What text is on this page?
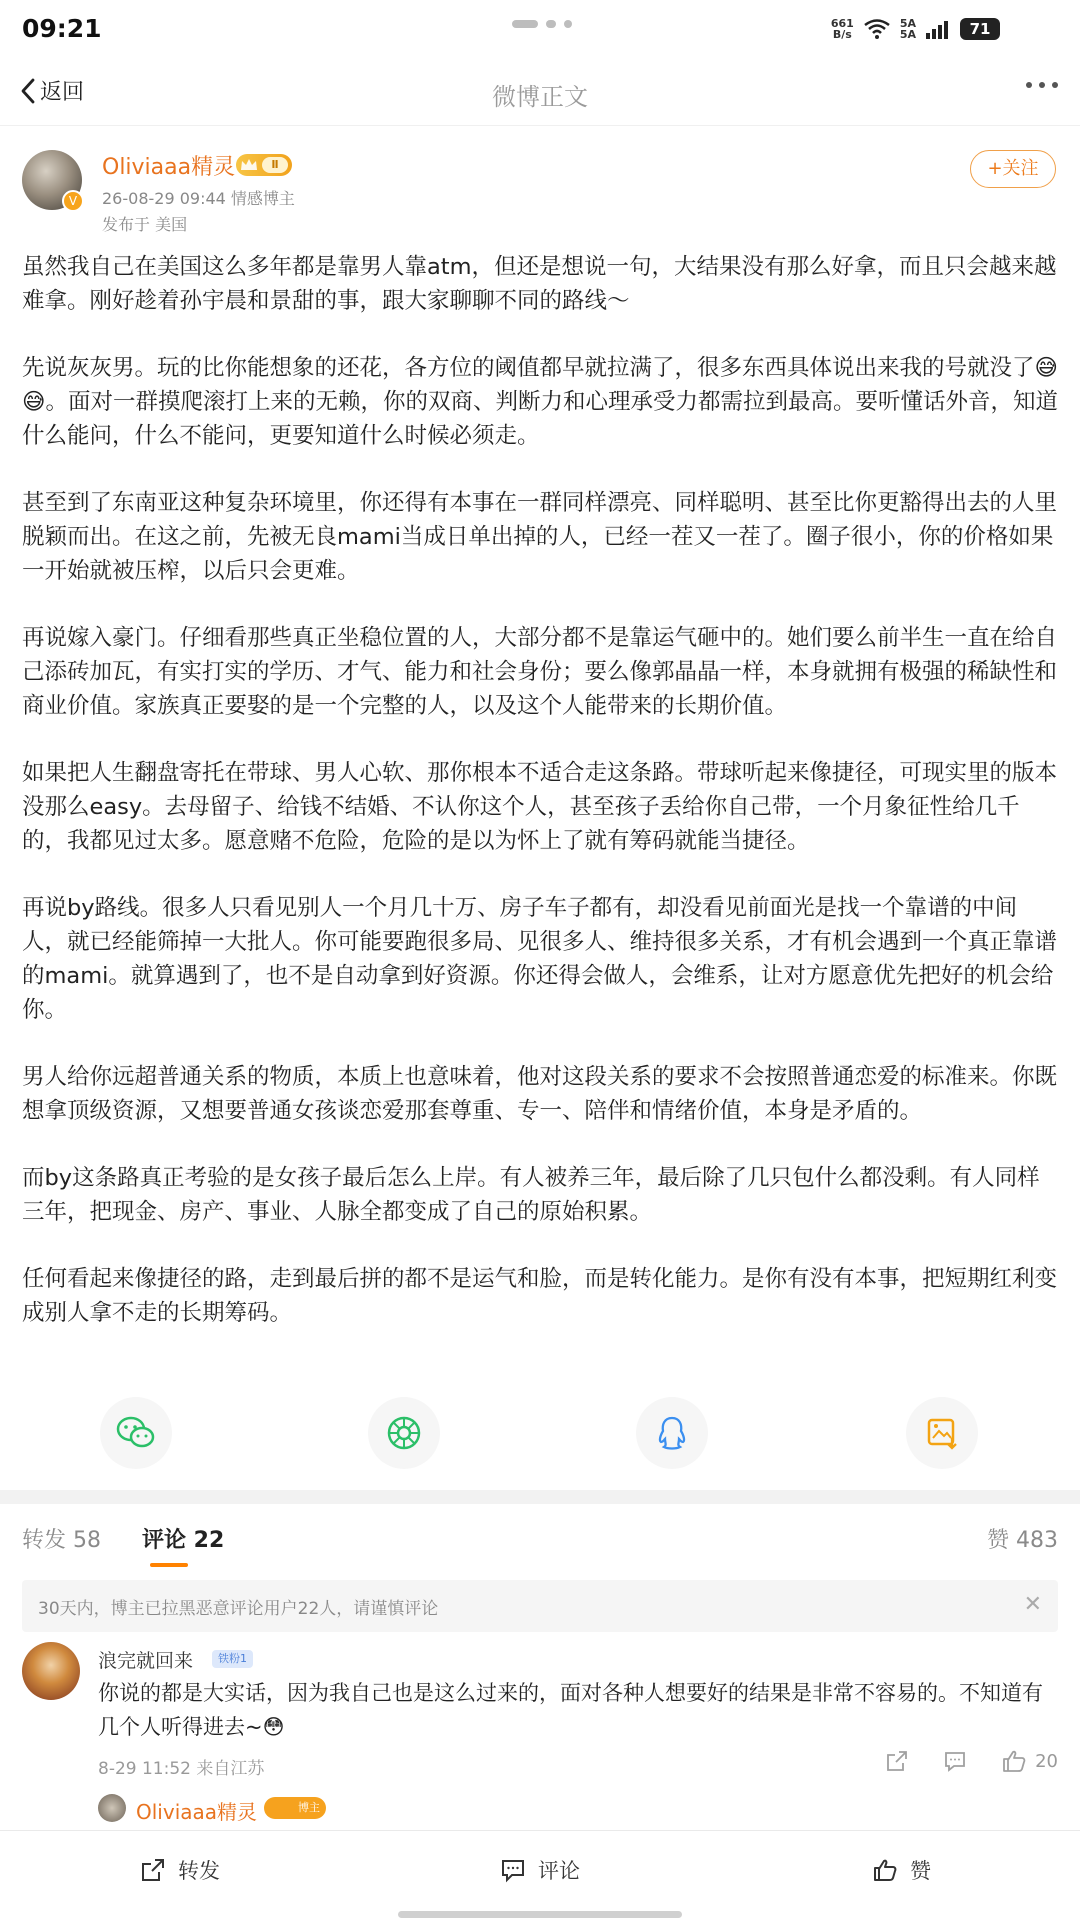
09:21	661
B/s
5A
5A	71
返回	微博正文
V
Oliviaaa精灵	Ⅱ
26-08-29 09:44 情感博主
发布于 美国
+关注

虽然我自己在美国这么多年都是靠男人靠atm，但还是想说一句，大结果没有那么好拿，而且只会越来越难拿。刚好趁着孙宇晨和景甜的事，跟大家聊聊不同的路线～

先说灰灰男。玩的比你能想象的还花，各方位的阈值都早就拉满了，很多东西具体说出来我的号就没了😅😅。面对一群摸爬滚打上来的无赖，你的双商、判断力和心理承受力都需拉到最高。要听懂话外音，知道什么能问，什么不能问，更要知道什么时候必须走。

甚至到了东南亚这种复杂环境里，你还得有本事在一群同样漂亮、同样聪明、甚至比你更豁得出去的人里脱颖而出。在这之前，先被无良mami当成日单出掉的人，已经一茬又一茬了。圈子很小，你的价格如果一开始就被压榨，以后只会更难。

再说嫁入豪门。仔细看那些真正坐稳位置的人，大部分都不是靠运气砸中的。她们要么前半生一直在给自己添砖加瓦，有实打实的学历、才气、能力和社会身份；要么像郭晶晶一样，本身就拥有极强的稀缺性和商业价值。家族真正要娶的是一个完整的人，以及这个人能带来的长期价值。

如果把人生翻盘寄托在带球、男人心软、那你根本不适合走这条路。带球听起来像捷径，可现实里的版本没那么easy。去母留子、给钱不结婚、不认你这个人，甚至孩子丢给你自己带，一个月象征性给几千的，我都见过太多。愿意赌不危险，危险的是以为怀上了就有筹码就能当捷径。

再说by路线。很多人只看见别人一个月几十万、房子车子都有，却没看见前面光是找一个靠谱的中间人，就已经能筛掉一大批人。你可能要跑很多局、见很多人、维持很多关系，才有机会遇到一个真正靠谱的mami。就算遇到了，也不是自动拿到好资源。你还得会做人，会维系，让对方愿意优先把好的机会给你。

男人给你远超普通关系的物质，本质上也意味着，他对这段关系的要求不会按照普通恋爱的标准来。你既想拿顶级资源，又想要普通女孩谈恋爱那套尊重、专一、陪伴和情绪价值，本身是矛盾的。

而by这条路真正考验的是女孩子最后怎么上岸。有人被养三年，最后除了几只包什么都没剩。有人同样三年，把现金、房产、事业、人脉全都变成了自己的原始积累。

任何看起来像捷径的路，走到最后拼的都不是运气和脸，而是转化能力。是你有没有本事，把短期红利变成别人拿不走的长期筹码。

转发 58 评论 22	赞 483
30天内，博主已拉黑恶意评论用户22人，请谨慎评论	✕
浪完就回来	铁粉1
你说的都是大实话，因为我自己也是这么过来的，面对各种人想要好的结果是非常不容易的。不知道有几个人听得进去~😳
8-29 11:52 来自江苏	20
Oliviaaa精灵	博主
转发	评论	赞
